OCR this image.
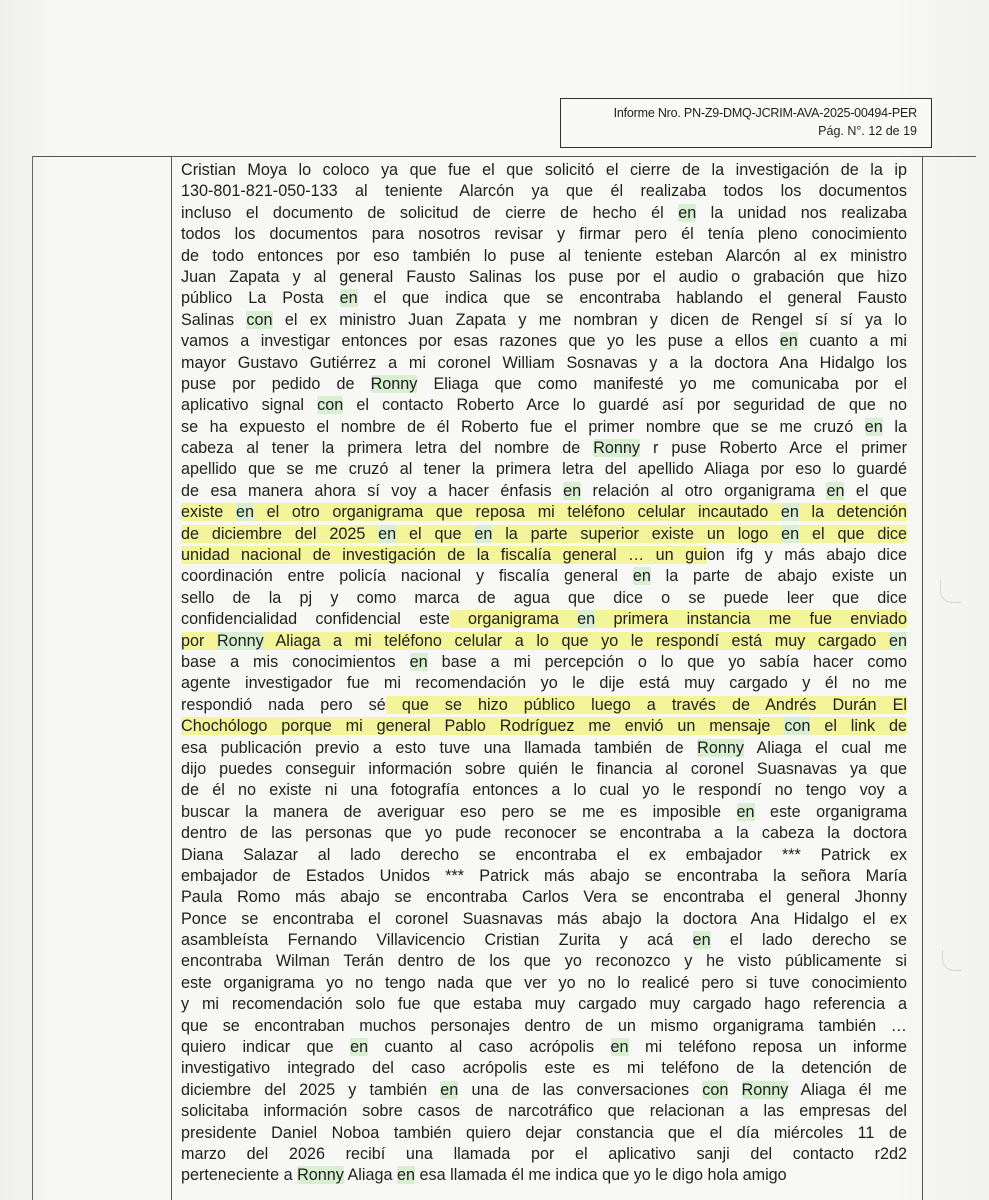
Informe Nro. PN-Z9-DMQ-JCRIM-AVA-2025-00494-PER
Pág. N°. 12 de 19
Cristian Moya lo coloco ya que fue el que solicitó el cierre de la investigación de la ip
130-801-821-050-133 al teniente Alarcón ya que él realizaba todos los documentos
incluso el documento de solicitud de cierre de hecho él en la unidad nos realizaba
todos los documentos para nosotros revisar y firmar pero él tenía pleno conocimiento
de todo entonces por eso también lo puse al teniente esteban Alarcón al ex ministro
Juan Zapata y al general Fausto Salinas los puse por el audio o grabación que hizo
público La Posta en el que indica que se encontraba hablando el general Fausto
Salinas con el ex ministro Juan Zapata y me nombran y dicen de Rengel sí sí ya lo
vamos a investigar entonces por esas razones que yo les puse a ellos en cuanto a mi
mayor Gustavo Gutiérrez a mi coronel William Sosnavas y a la doctora Ana Hidalgo los
puse por pedido de Ronny Eliaga que como manifesté yo me comunicaba por el
aplicativo signal con el contacto Roberto Arce lo guardé así por seguridad de que no
se ha expuesto el nombre de él Roberto fue el primer nombre que se me cruzó en la
cabeza al tener la primera letra del nombre de Ronny r puse Roberto Arce el primer
apellido que se me cruzó al tener la primera letra del apellido Aliaga por eso lo guardé
de esa manera ahora sí voy a hacer énfasis en relación al otro organigrama en el que
existe en el otro organigrama que reposa mi teléfono celular incautado en la detención
de diciembre del 2025 en el que en la parte superior existe un logo en el que dice
unidad nacional de investigación de la fiscalía general … un guion ifg y más abajo dice
coordinación entre policía nacional y fiscalía general en la parte de abajo existe un
sello de la pj y como marca de agua que dice o se puede leer que dice
confidencialidad confidencial este organigrama en primera instancia me fue enviado
por Ronny Aliaga a mi teléfono celular a lo que yo le respondí está muy cargado en
base a mis conocimientos en base a mi percepción o lo que yo sabía hacer como
agente investigador fue mi recomendación yo le dije está muy cargado y él no me
respondió nada pero sé que se hizo público luego a través de Andrés Durán El
Chochólogo porque mi general Pablo Rodríguez me envió un mensaje con el link de
esa publicación previo a esto tuve una llamada también de Ronny Aliaga el cual me
dijo puedes conseguir información sobre quién le financia al coronel Suasnavas ya que
de él no existe ni una fotografía entonces a lo cual yo le respondí no tengo voy a
buscar la manera de averiguar eso pero se me es imposible en este organigrama
dentro de las personas que yo pude reconocer se encontraba a la cabeza la doctora
Diana Salazar al lado derecho se encontraba el ex embajador *** Patrick ex
embajador de Estados Unidos *** Patrick más abajo se encontraba la señora María
Paula Romo más abajo se encontraba Carlos Vera se encontraba el general Jhonny
Ponce se encontraba el coronel Suasnavas más abajo la doctora Ana Hidalgo el ex
asambleísta Fernando Villavicencio Cristian Zurita y acá en el lado derecho se
encontraba Wilman Terán dentro de los que yo reconozco y he visto públicamente si
este organigrama yo no tengo nada que ver yo no lo realicé pero si tuve conocimiento
y mi recomendación solo fue que estaba muy cargado muy cargado hago referencia a
que se encontraban muchos personajes dentro de un mismo organigrama también …
quiero indicar que en cuanto al caso acrópolis en mi teléfono reposa un informe
investigativo integrado del caso acrópolis este es mi teléfono de la detención de
diciembre del 2025 y también en una de las conversaciones con Ronny Aliaga él me
solicitaba información sobre casos de narcotráfico que relacionan a las empresas del
presidente Daniel Noboa también quiero dejar constancia que el día miércoles 11 de
marzo del 2026 recibí una llamada por el aplicativo sanji del contacto r2d2
perteneciente a Ronny Aliaga en esa llamada él me indica que yo le digo hola amigo
